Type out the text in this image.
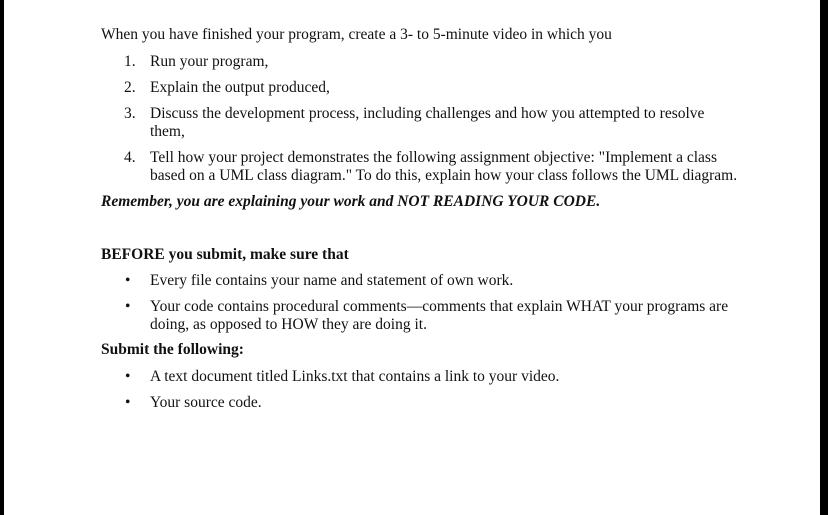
When you have finished your program, create a 3- to 5-minute video in which you

1. Run your program,
2. Explain the output produced,
3. Discuss the development process, including challenges and how you attempted to resolve them,
4. Tell how your project demonstrates the following assignment objective: "Implement a class based on a UML class diagram." To do this, explain how your class follows the UML diagram.

Remember, you are explaining your work and NOT READING YOUR CODE.

BEFORE you submit, make sure that

• Every file contains your name and statement of own work.
• Your code contains procedural comments—comments that explain WHAT your programs are doing, as opposed to HOW they are doing it.

Submit the following:

• A text document titled Links.txt that contains a link to your video.
• Your source code.
